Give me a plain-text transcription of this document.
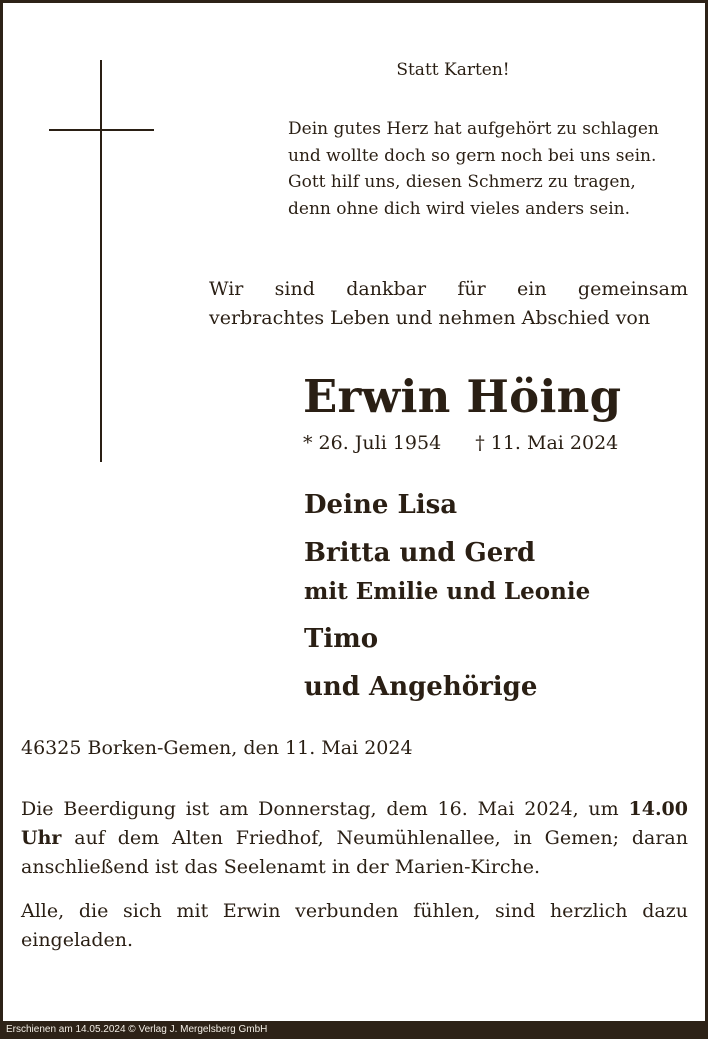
Statt Karten!
Dein gutes Herz hat aufgehört zu schlagen
und wollte doch so gern noch bei uns sein.
Gott hilf uns, diesen Schmerz zu tragen,
denn ohne dich wird vieles anders sein.
Wir sind dankbar für ein gemeinsam
verbrachtes Leben und nehmen Abschied von
Erwin Höing
* 26. Juli 1954 † 11. Mai 2024
Deine Lisa
Britta und Gerd
mit Emilie und Leonie
Timo
und Angehörige
46325 Borken-Gemen, den 11. Mai 2024
Die Beerdigung ist am Donnerstag, dem 16. Mai 2024, um 14.00 Uhr auf dem Alten Friedhof, Neumühlenallee, in Gemen; daran anschließend ist das Seelenamt in der Marien-Kirche.
Alle, die sich mit Erwin verbunden fühlen, sind herzlich dazu eingeladen.
Erschienen am 14.05.2024 © Verlag J. Mergelsberg GmbH
